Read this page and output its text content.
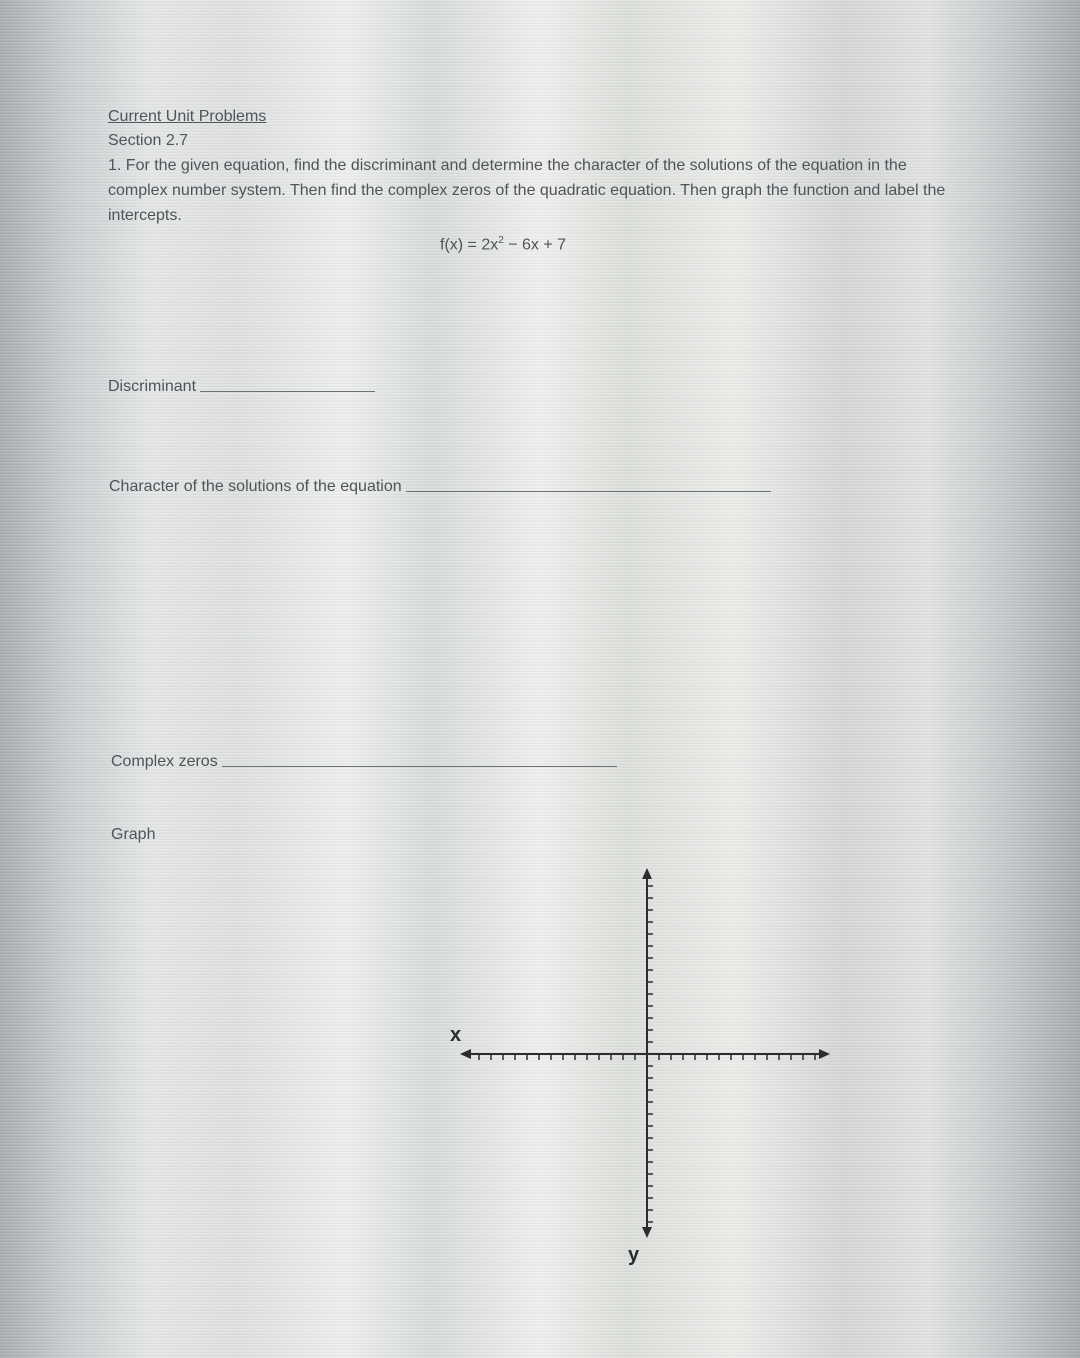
Current Unit Problems
Section 2.7
1. For the given equation, find the discriminant and determine the character of the solutions of the equation in the complex number system. Then find the complex zeros of the quadratic equation. Then graph the function and label the intercepts.
$f(x) = 2x^2 - 6x + 7$
Discriminant
Character of the solutions of the equation
Complex zeros
Graph
x
y
